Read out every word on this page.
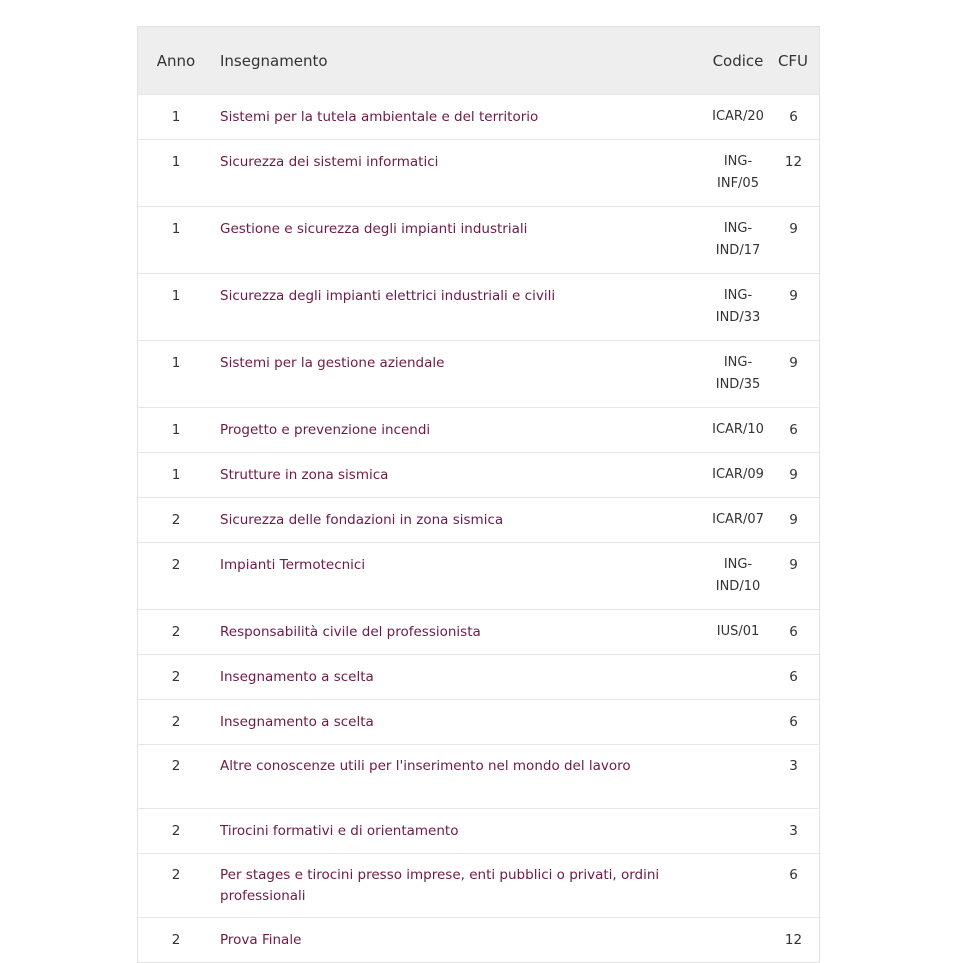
Anno	Insegnamento	Codice	CFU
1	Sistemi per la tutela ambientale e del territorio	ICAR/20	6
1	Sicurezza dei sistemi informatici	ING-INF/05	12
1	Gestione e sicurezza degli impianti industriali	ING-IND/17	9
1	Sicurezza degli impianti elettrici industriali e civili	ING-IND/33	9
1	Sistemi per la gestione aziendale	ING-IND/35	9
1	Progetto e prevenzione incendi	ICAR/10	6
1	Strutture in zona sismica	ICAR/09	9
2	Sicurezza delle fondazioni in zona sismica	ICAR/07	9
2	Impianti Termotecnici	ING-IND/10	9
2	Responsabilità civile del professionista	IUS/01	6
2	Insegnamento a scelta		6
2	Insegnamento a scelta		6
2	Altre conoscenze utili per l'inserimento nel mondo del lavoro		3
2	Tirocini formativi e di orientamento		3
2	Per stages e tirocini presso imprese, enti pubblici o privati, ordini professionali		6
2	Prova Finale		12
